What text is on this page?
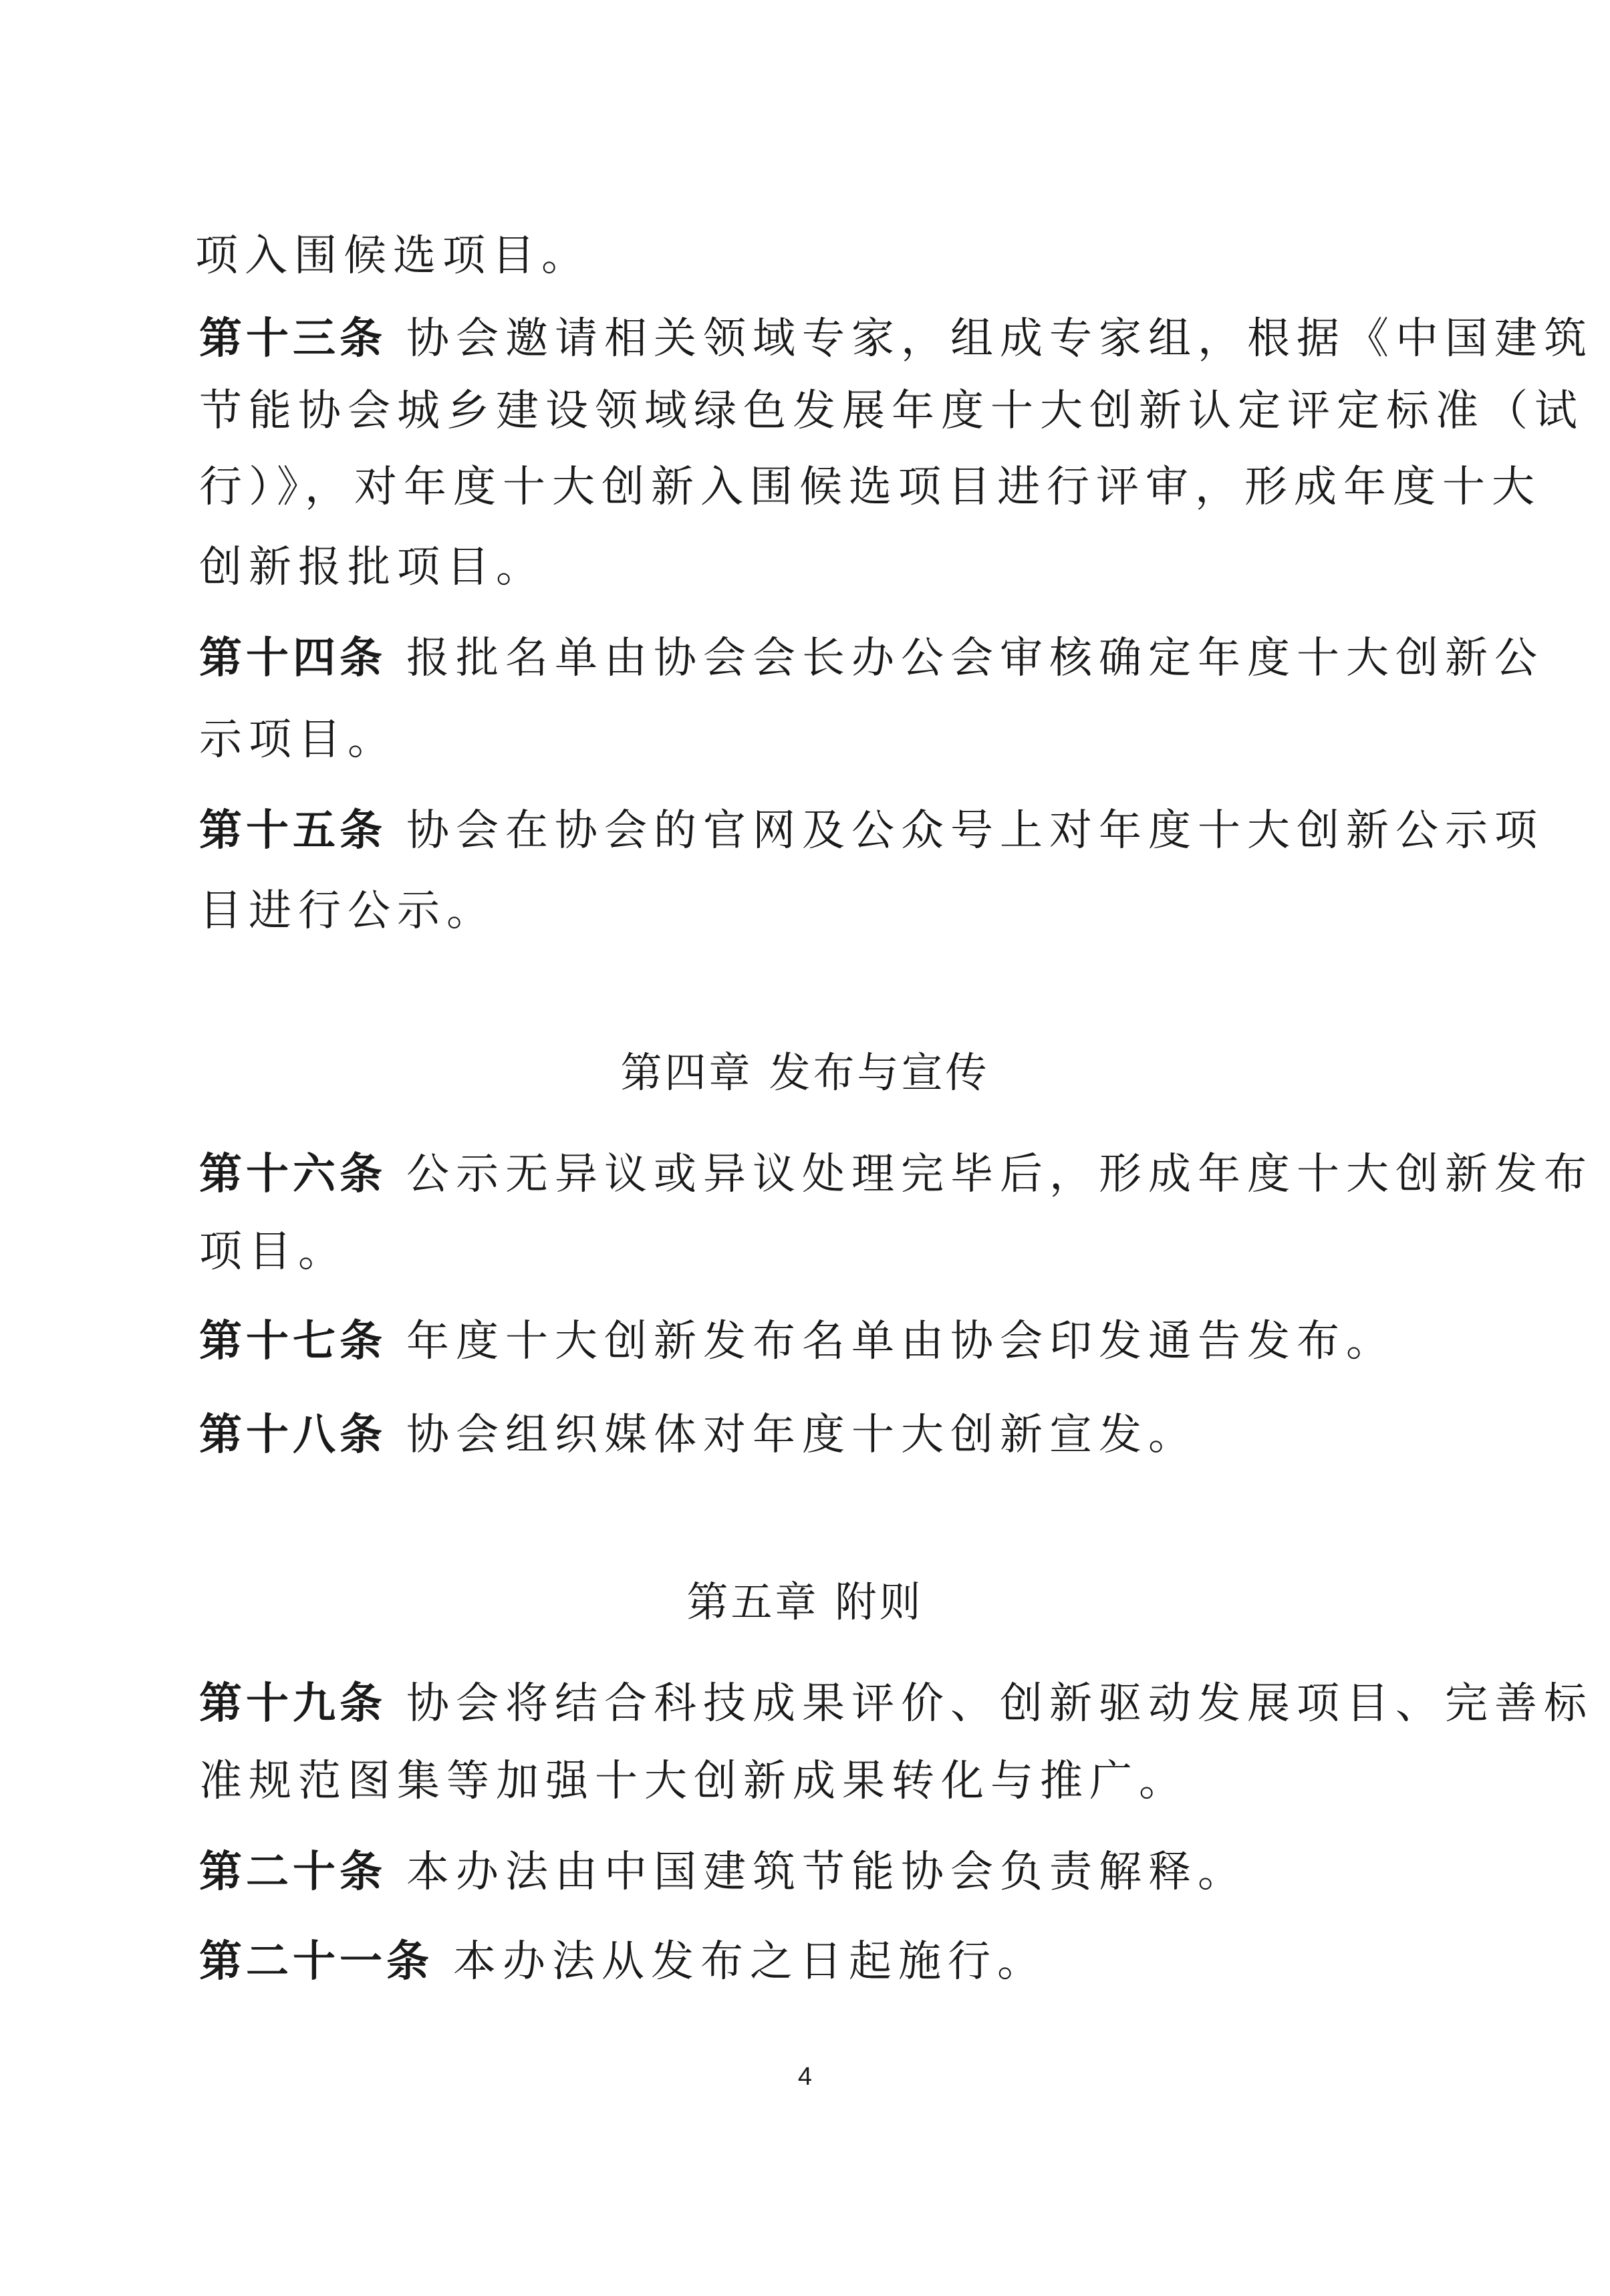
项入围候选项目。
第十三条 协会邀请相关领域专家，组成专家组，根据《中国建筑
节能协会城乡建设领域绿色发展年度十大创新认定评定标准（试
行）》，对年度十大创新入围候选项目进行评审，形成年度十大
创新报批项目。
第十四条 报批名单由协会会长办公会审核确定年度十大创新公
示项目。
第十五条 协会在协会的官网及公众号上对年度十大创新公示项
目进行公示。
第四章 发布与宣传
第十六条 公示无异议或异议处理完毕后，形成年度十大创新发布
项目。
第十七条 年度十大创新发布名单由协会印发通告发布。
第十八条 协会组织媒体对年度十大创新宣发。
第五章 附则
第十九条 协会将结合科技成果评价、创新驱动发展项目、完善标
准规范图集等加强十大创新成果转化与推广。
第二十条 本办法由中国建筑节能协会负责解释。
第二十一条 本办法从发布之日起施行。
4
